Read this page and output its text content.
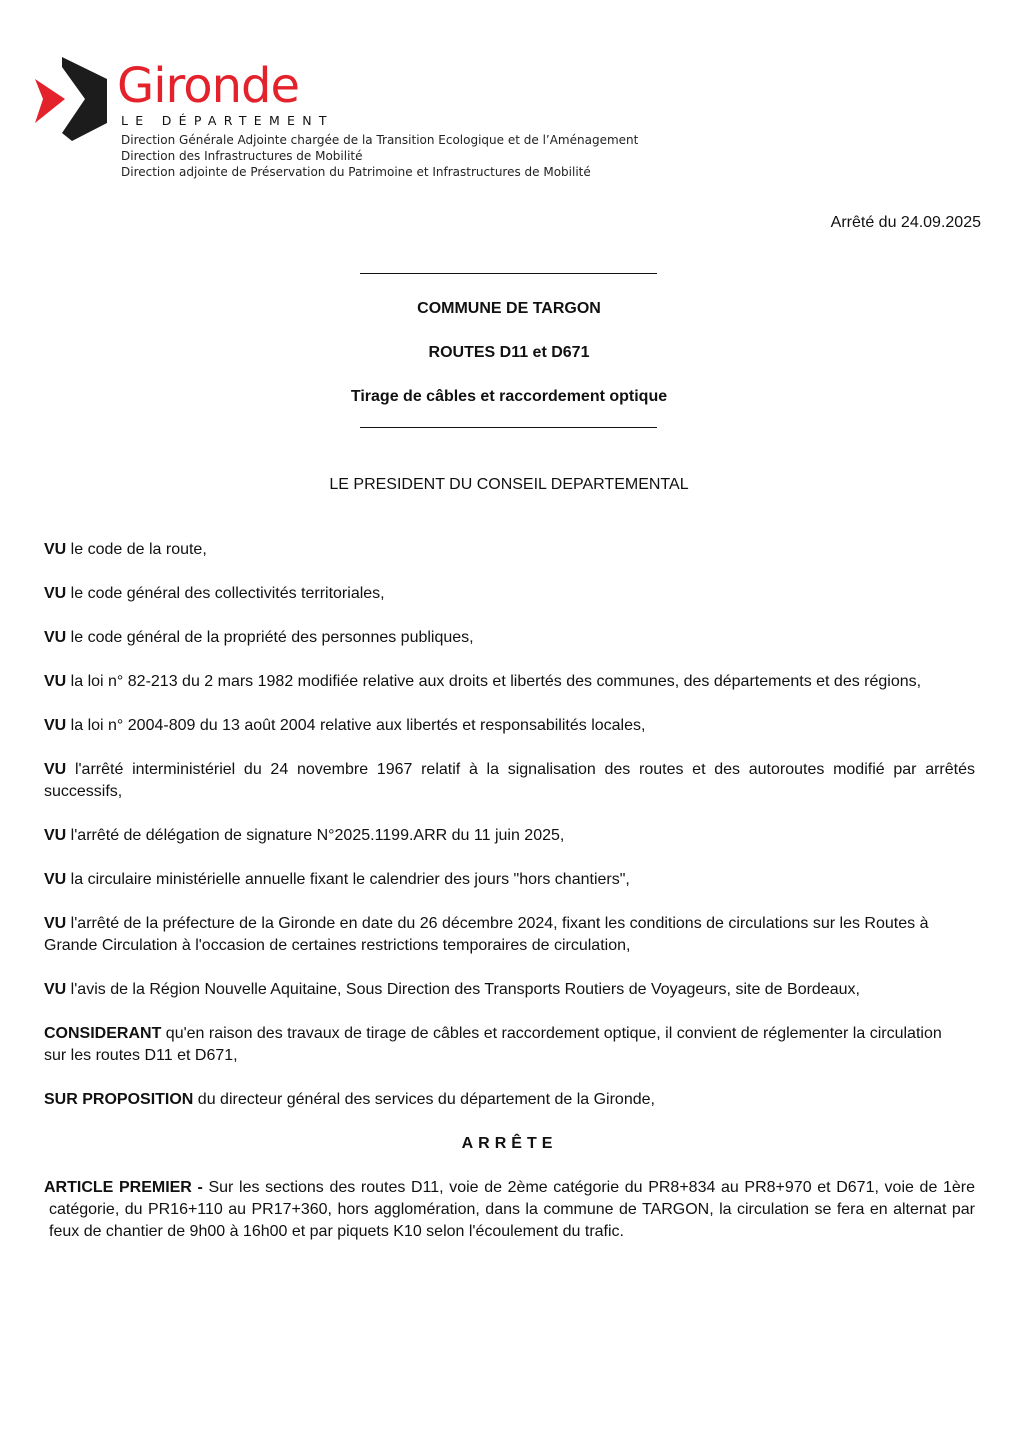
Gironde
LE DÉPARTEMENT
Direction Générale Adjointe chargée de la Transition Ecologique et de l’Aménagement
Direction des Infrastructures de Mobilité
Direction adjointe de Préservation du Patrimoine et Infrastructures de Mobilité
Arrêté du 24.09.2025
COMMUNE DE TARGON
ROUTES D11 et D671
Tirage de câbles et raccordement optique
LE PRESIDENT DU CONSEIL DEPARTEMENTAL

VU le code de la route,

VU le code général des collectivités territoriales,

VU le code général de la propriété des personnes publiques,

VU la loi n° 82-213 du 2 mars 1982 modifiée relative aux droits et libertés des communes, des départements et des régions,

VU la loi n° 2004-809 du 13 août 2004 relative aux libertés et responsabilités locales,

VU l'arrêté interministériel du 24 novembre 1967 relatif à la signalisation des routes et des autoroutes modifié par arrêtés successifs,

VU l'arrêté de délégation de signature N°2025.1199.ARR du 11 juin 2025,

VU la circulaire ministérielle annuelle fixant le calendrier des jours "hors chantiers",

VU l'arrêté de la préfecture de la Gironde en date du 26 décembre 2024, fixant les conditions de circulations sur les Routes à Grande Circulation à l'occasion de certaines restrictions temporaires de circulation,

VU l'avis de la Région Nouvelle Aquitaine, Sous Direction des Transports Routiers de Voyageurs, site de Bordeaux,

CONSIDERANT qu'en raison des travaux de tirage de câbles et raccordement optique, il convient de réglementer la circulation sur les routes D11 et D671,

SUR PROPOSITION du directeur général des services du département de la Gironde,

ARRÊTE

ARTICLE PREMIER - Sur les sections des routes D11, voie de 2ème catégorie du PR8+834 au PR8+970 et D671, voie de 1ère catégorie, du PR16+110 au PR17+360, hors agglomération, dans la commune de TARGON, la circulation se fera en alternat par feux de chantier de 9h00 à 16h00 et par piquets K10 selon l'écoulement du trafic.
